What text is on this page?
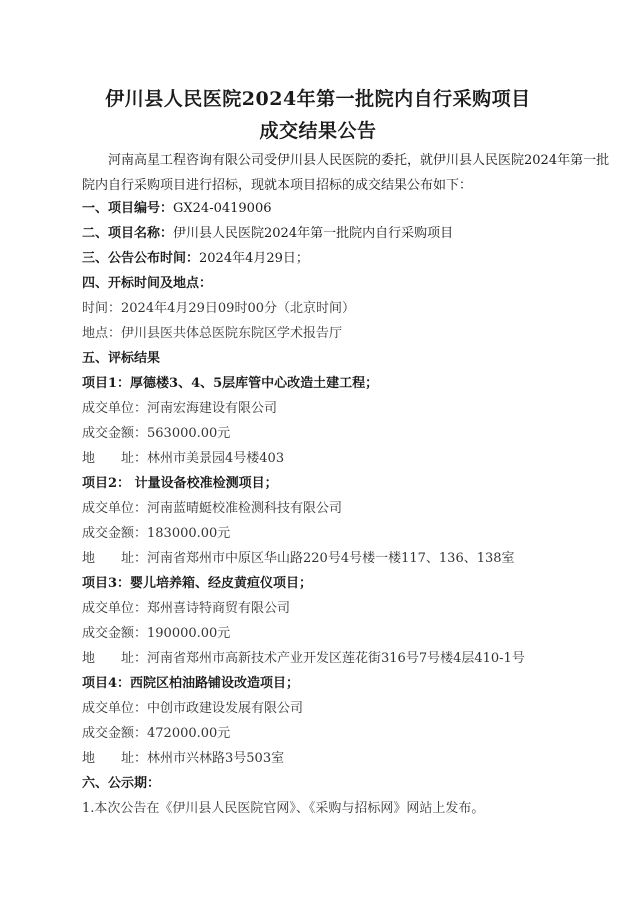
伊川县人民医院2024年第一批院内自行采购项目
成交结果公告
河南高星工程咨询有限公司受伊川县人民医院的委托，就伊川县人民医院2024年第一批
院内自行采购项目进行招标，现就本项目招标的成交结果公布如下：
一、项目编号：GX24-0419006
二、项目名称：伊川县人民医院2024年第一批院内自行采购项目
三、公告公布时间：2024年4月29日；
四、开标时间及地点：
时间：2024年4月29日09时00分（北京时间）
地点：伊川县医共体总医院东院区学术报告厅
五、评标结果
项目1：厚德楼3、4、5层库管中心改造土建工程；
成交单位：河南宏海建设有限公司
成交金额：563000.00元
地　　址：林州市美景园4号楼403
项目2： 计量设备校准检测项目；
成交单位：河南蓝晴蜓校准检测科技有限公司
成交金额：183000.00元
地　　址：河南省郑州市中原区华山路220号4号楼一楼117、136、138室
项目3：婴儿培养箱、经皮黄疸仪项目；
成交单位：郑州喜诗特商贸有限公司
成交金额：190000.00元
地　　址：河南省郑州市高新技术产业开发区莲花街316号7号楼4层410-1号
项目4：西院区柏油路铺设改造项目；
成交单位：中创市政建设发展有限公司
成交金额：472000.00元
地　　址：林州市兴林路3号503室
六、公示期：
1.本次公告在《伊川县人民医院官网》、《采购与招标网》网站上发布。
